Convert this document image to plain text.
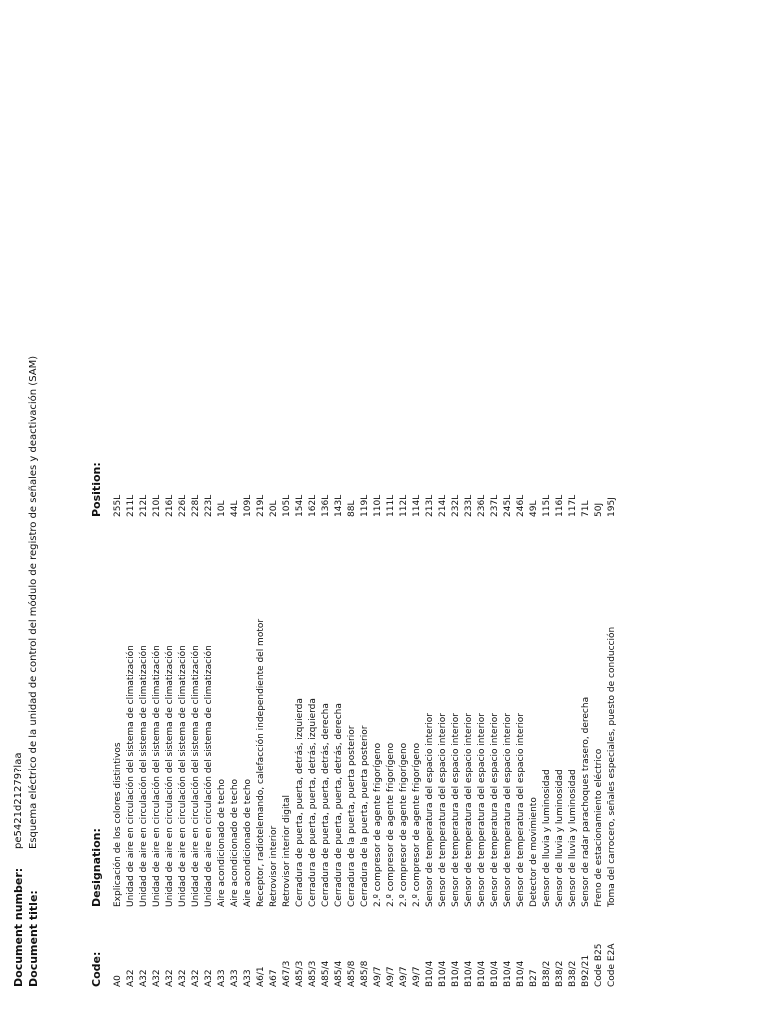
Document number:
pe5421d21279?laa
Document title:
Esquema eléctrico de la unidad de control del módulo de registro de señales y deactivación (SAM)
Code:
Designation:
Position:
A0
Explicación de los colores distintivos
255L
A32
Unidad de aire en circulación del sistema de climatización
211L
A32
Unidad de aire en circulación del sistema de climatización
212L
A32
Unidad de aire en circulación del sistema de climatización
210L
A32
Unidad de aire en circulación del sistema de climatización
216L
A32
Unidad de aire en circulación del sistema de climatización
226L
A32
Unidad de aire en circulación del sistema de climatización
228L
A32
Unidad de aire en circulación del sistema de climatización
223L
A33
Aire acondicionado de techo
10L
A33
Aire acondicionado de techo
44L
A33
Aire acondicionado de techo
109L
A6/1
Receptor, radiotelemando, calefacción independiente del motor
219L
A67
Retrovisor interior
20L
A67/3
Retrovisor interior digital
105L
A85/3
Cerradura de puerta, puerta, detrás, izquierda
154L
A85/3
Cerradura de puerta, puerta, detrás, izquierda
162L
A85/4
Cerradura de puerta, puerta, detrás, derecha
136L
A85/4
Cerradura de puerta, puerta, detrás, derecha
143L
A85/8
Cerradura de la puerta, puerta posterior
88L
A85/8
Cerradura de la puerta, puerta posterior
119L
A9/7
2.º compresor de agente frigorígeno
110L
A9/7
2.º compresor de agente frigorígeno
111L
A9/7
2.º compresor de agente frigorígeno
112L
A9/7
2.º compresor de agente frigorígeno
114L
B10/4
Sensor de temperatura del espacio interior
213L
B10/4
Sensor de temperatura del espacio interior
214L
B10/4
Sensor de temperatura del espacio interior
232L
B10/4
Sensor de temperatura del espacio interior
233L
B10/4
Sensor de temperatura del espacio interior
236L
B10/4
Sensor de temperatura del espacio interior
237L
B10/4
Sensor de temperatura del espacio interior
245L
B10/4
Sensor de temperatura del espacio interior
246L
B27
Detector de movimiento
49L
B38/2
Sensor de lluvia y luminosidad
115L
B38/2
Sensor de lluvia y luminosidad
116L
B38/2
Sensor de lluvia y luminosidad
117L
B92/21
Sensor de radar parachoques trasero, derecha
71L
Code B25
Freno de estacionamiento eléctrico
50J
Code E2A
Toma del carrocero, señales especiales, puesto de conducción
195J
